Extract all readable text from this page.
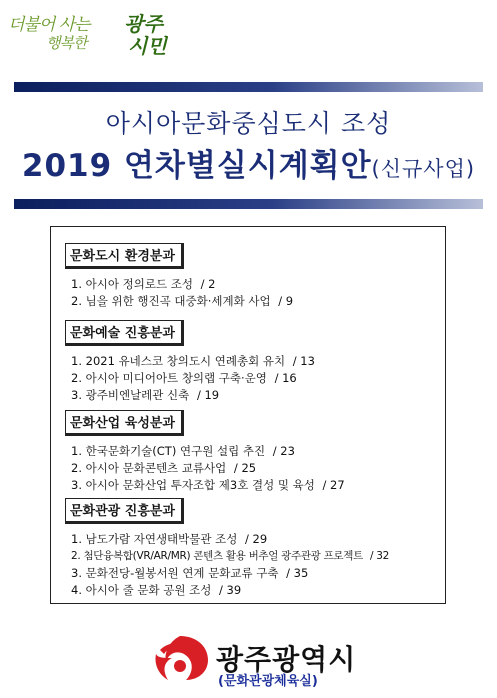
더불어 사는
행복한
광주
시민
아시아문화중심도시 조성
2019 연차별실시계획안(신규사업)
문화도시 환경분과
1. 아시아 정의로드 조성 / 2
2. 님을 위한 행진곡 대중화·세계화 사업 / 9
문화예술 진흥분과
1. 2021 유네스코 창의도시 연례총회 유치 / 13
2. 아시아 미디어아트 창의랩 구축·운영 / 16
3. 광주비엔날레관 신축 / 19
문화산업 육성분과
1. 한국문화기술(CT) 연구원 설립 추진 / 23
2. 아시아 문화콘텐츠 교류사업 / 25
3. 아시아 문화산업 투자조합 제3호 결성 및 육성 / 27
문화관광 진흥분과
1. 남도가람 자연생태박물관 조성 / 29
2. 첨단융복합(VR/AR/MR) 콘텐츠 활용 버추얼 광주관광 프로젝트 / 32
3. 문화전당-월봉서원 연계 문화교류 구축 / 35
4. 아시아 줄 문화 공원 조성 / 39
광주광역시
(문화관광체육실)
